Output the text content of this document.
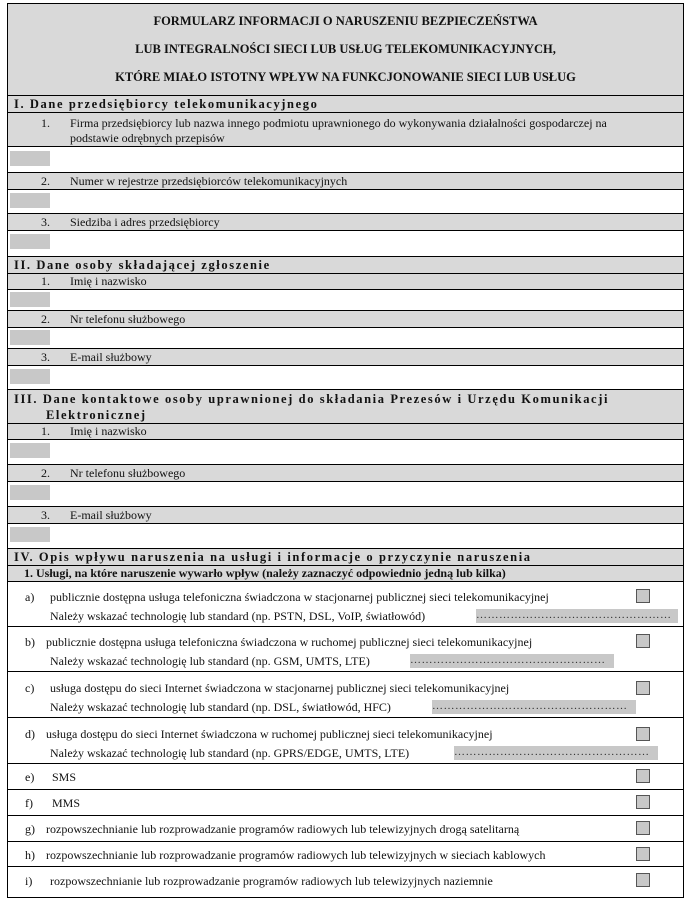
FORMULARZ INFORMACJI O NARUSZENIU BEZPIECZEŃSTWA
LUB INTEGRALNOŚCI SIECI LUB USŁUG TELEKOMUNIKACYJNYCH,
KTÓRE MIAŁO ISTOTNY WPŁYW NA FUNKCJONOWANIE SIECI LUB USŁUG
I. Dane przedsiębiorcy telekomunikacyjnego
1. Firma przedsiębiorcy lub nazwa innego podmiotu uprawnionego do wykonywania działalności gospodarczej na
podstawie odrębnych przepisów
2. Numer w rejestrze przedsiębiorców telekomunikacyjnych
3. Siedziba i adres przedsiębiorcy
II. Dane osoby składającej zgłoszenie
1. Imię i nazwisko
2. Nr telefonu służbowego
3. E-mail służbowy
III. Dane kontaktowe osoby uprawnionej do składania Prezesów i Urzędu Komunikacji
Elektronicznej
1. Imię i nazwisko
2. Nr telefonu służbowego
3. E-mail służbowy
IV. Opis wpływu naruszenia na usługi i informacje o przyczynie naruszenia
1. Usługi, na które naruszenie wywarło wpływ (należy zaznaczyć odpowiednio jedną lub kilka)
a) publicznie dostępna usługa telefoniczna świadczona w stacjonarnej publicznej sieci telekomunikacyjnej
Należy wskazać technologię lub standard (np. PSTN, DSL, VoIP, światłowód)	……………………………………………
b) publicznie dostępna usługa telefoniczna świadczona w ruchomej publicznej sieci telekomunikacyjnej
Należy wskazać technologię lub standard (np. GSM, UMTS, LTE)	……………………………………………
c) usługa dostępu do sieci Internet świadczona w stacjonarnej publicznej sieci telekomunikacyjnej
Należy wskazać technologię lub standard (np. DSL, światłowód, HFC)	……………………………………………
d) usługa dostępu do sieci Internet świadczona w ruchomej publicznej sieci telekomunikacyjnej
Należy wskazać technologię lub standard (np. GPRS/EDGE, UMTS, LTE)	……………………………………………
e) SMS
f) MMS
g) rozpowszechnianie lub rozprowadzanie programów radiowych lub telewizyjnych drogą satelitarną
h) rozpowszechnianie lub rozprowadzanie programów radiowych lub telewizyjnych w sieciach kablowych
i) rozpowszechnianie lub rozprowadzanie programów radiowych lub telewizyjnych naziemnie
